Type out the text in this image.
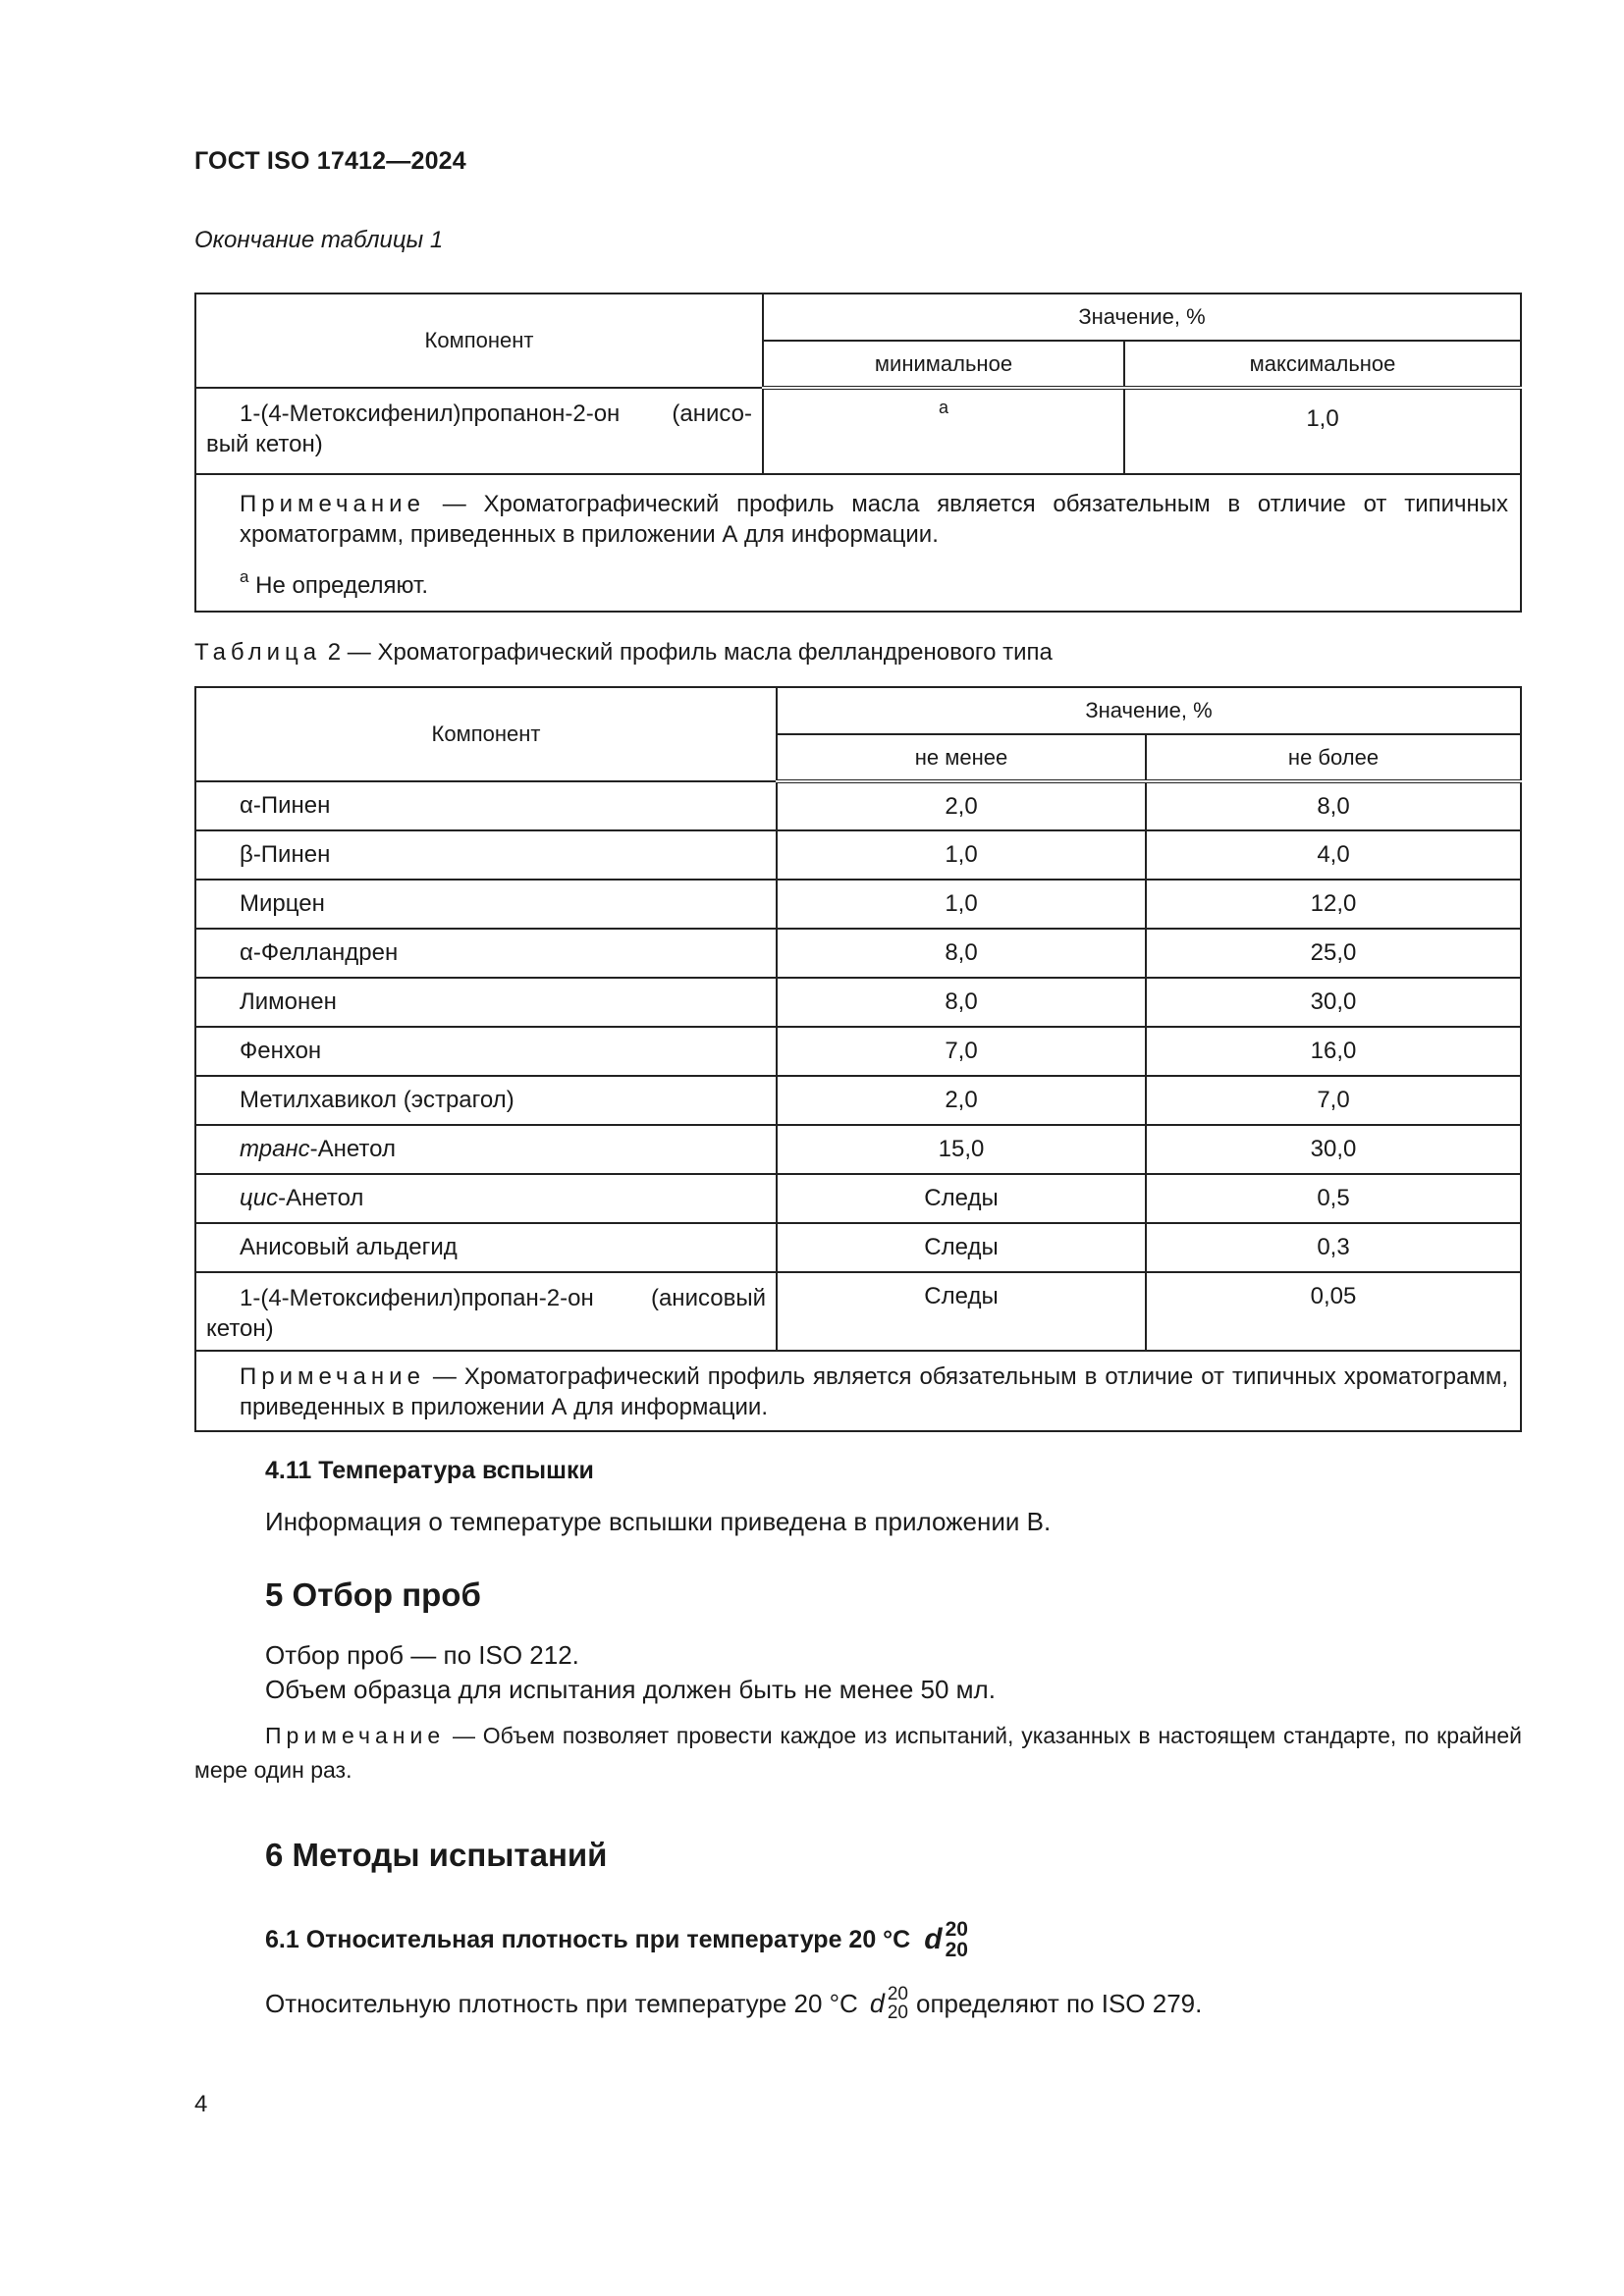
ГОСТ ISO 17412—2024
Окончание таблицы 1
Компонент	Значение, %	
	минимальное	максимальное

1-(4-Метоксифенил)пропанон-2-он (анисо-
вый кетон)	$^a$	1,0

Примечание — Хроматографический профиль масла является обязательным в отличие от типичных хроматограмм, приведенных в приложении А для информации.
$^a$ Не определяют.		
Таблица 2 — Хроматографический профиль масла фелландренового типа
Компонент	Значение, %	
	не менее	не более
α-Пинен	2,0	8,0
β-Пинен	1,0	4,0
Мирцен	1,0	12,0
α-Фелландрен	8,0	25,0
Лимонен	8,0	30,0
Фенхон	7,0	16,0
Метилхавикол (эстрагол)	2,0	7,0
транс-Анетол	15,0	30,0
цис-Анетол	Следы	0,5
Анисовый альдегид	Следы	0,3

1-(4-Метоксифенил)пропан-2-он (анисовый
кетон)	Следы	0,05

Примечание — Хроматографический профиль является обязательным в отличие от типичных хроматограмм, приведенных в приложении А для информации.		
4.11 Температура вспышки
Информация о температуре вспышки приведена в приложении В.
5 Отбор проб
Отбор проб — по ISO 212.
Объем образца для испытания должен быть не менее 50 мл.
Примечание — Объем позволяет провести каждое из испытаний, указанных в настоящем стандарте, по крайней мере один раз.
6 Методы испытаний
6.1 Относительная плотность при температуре 20 °С d 20
20
Относительную плотность при температуре 20 °С d 20
20 определяют по ISO 279.
4
